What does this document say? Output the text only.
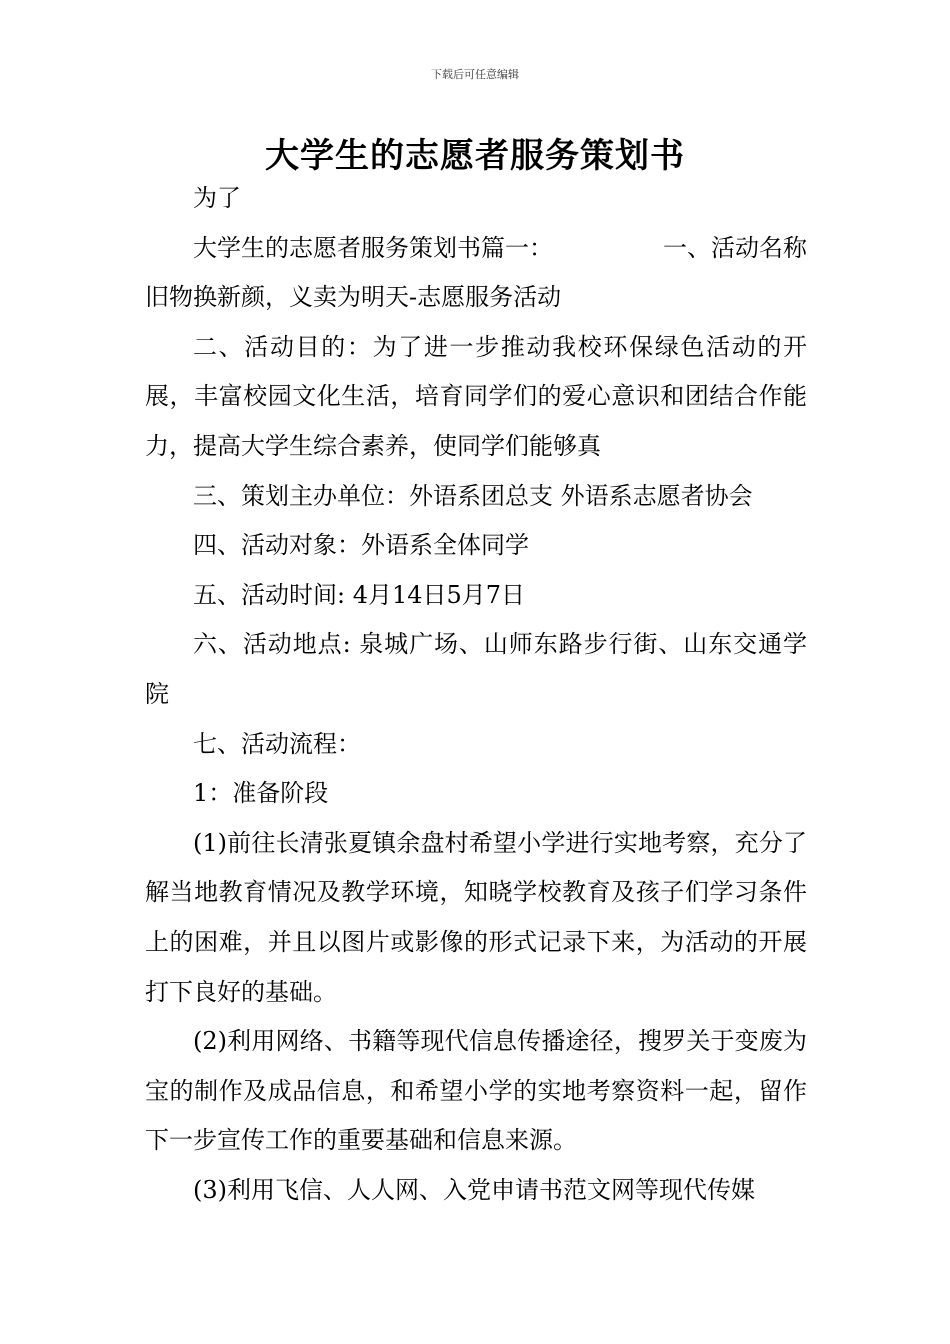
下载后可任意编辑
大学生的志愿者服务策划书

为了

大学生的志愿者服务策划书篇一：	一、活动名称旧物换新颜，义卖为明天-志愿服务活动

二、活动目的：为了进一步推动我校环保绿色活动的开展，丰富校园文化生活，培育同学们的爱心意识和团结合作能力，提高大学生综合素养，使同学们能够真

三、策划主办单位：外语系团总支 外语系志愿者协会

四、活动对象：外语系全体同学

五、活动时间: 4月14日5月7日

六、活动地点: 泉城广场、山师东路步行街、山东交通学院

七、活动流程：

1：准备阶段

(1)前往长清张夏镇余盘村希望小学进行实地考察，充分了解当地教育情况及教学环境，知晓学校教育及孩子们学习条件上的困难，并且以图片或影像的形式记录下来，为活动的开展打下良好的基础。

(2)利用网络、书籍等现代信息传播途径，搜罗关于变废为宝的制作及成品信息，和希望小学的实地考察资料一起，留作下一步宣传工作的重要基础和信息来源。

(3)利用飞信、人人网、入党申请书范文网等现代传媒
